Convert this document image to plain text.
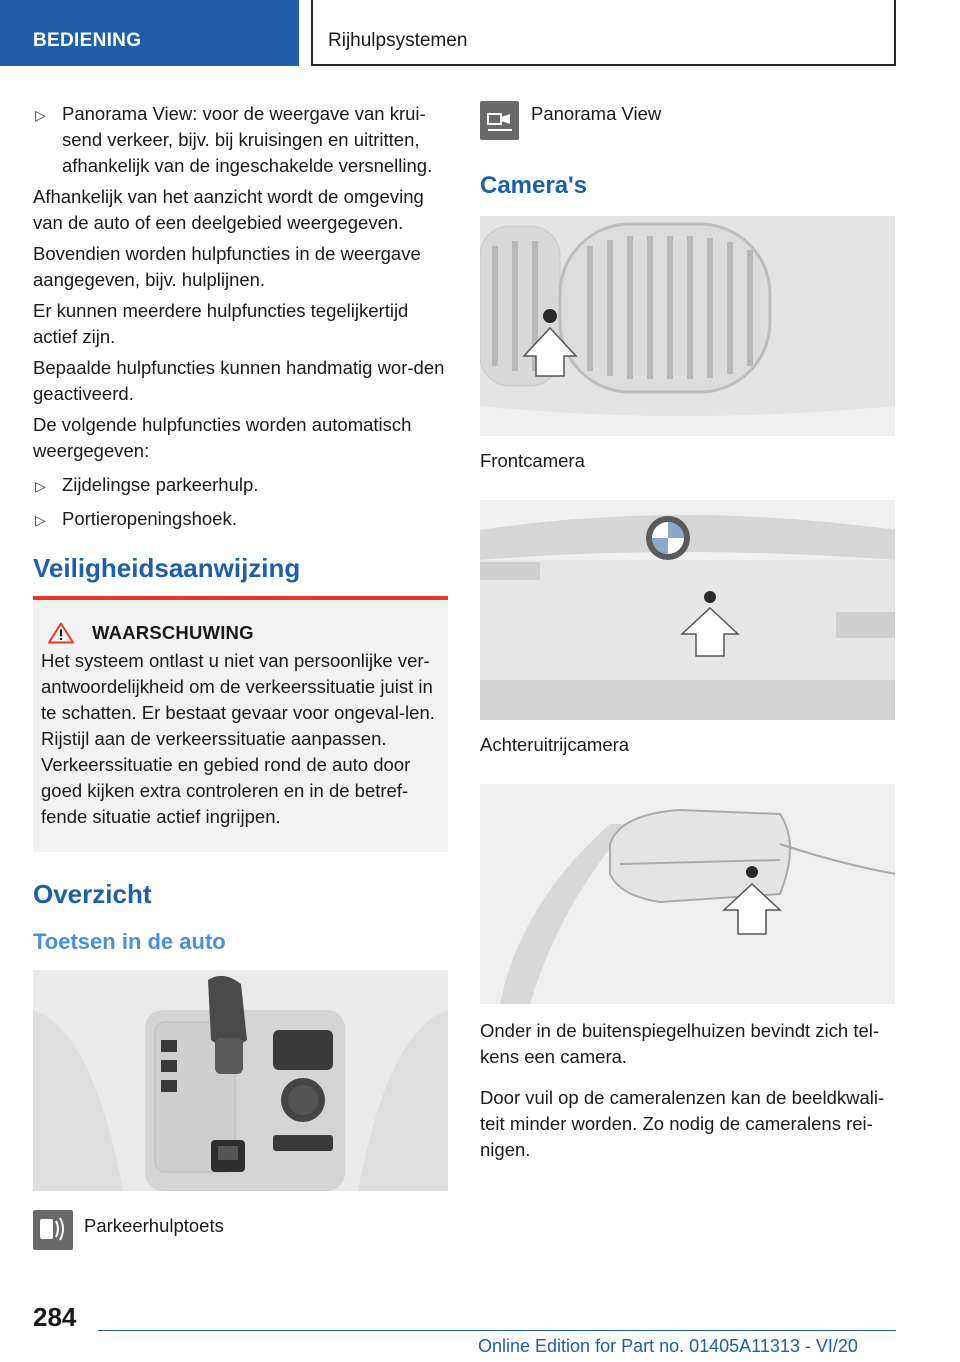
BEDIENING	Rijhulpsystemen
▷ Panorama View: voor de weergave van krui-send verkeer, bijv. bij kruisingen en uitritten, afhankelijk van de ingeschakelde versnelling.

Afhankelijk van het aanzicht wordt de omgeving van de auto of een deelgebied weergegeven.

Bovendien worden hulpfuncties in de weergave aangegeven, bijv. hulplijnen.

Er kunnen meerdere hulpfuncties tegelijkertijd actief zijn.

Bepaalde hulpfuncties kunnen handmatig wor-den geactiveerd.

De volgende hulpfuncties worden automatisch weergegeven:

▷ Zijdelingse parkeerhulp.
▷ Portieropeningshoek.
Veiligheidsaanwijzing
WAARSCHUWING

Het systeem ontlast u niet van persoonlijke ver-antwoordelijkheid om de verkeerssituatie juist in te schatten. Er bestaat gevaar voor ongeval-len. Rijstijl aan de verkeerssituatie aanpassen. Verkeerssituatie en gebied rond de auto door goed kijken extra controleren en in de betref-fende situatie actief ingrijpen.

Overzicht
Toetsen in de auto
Parkeerhulptoets
Panorama View
Camera's

Frontcamera

Achteruitrijcamera

Onder in de buitenspiegelhuizen bevindt zich tel-kens een camera.

Door vuil op de cameralenzen kan de beeldkwali-teit minder worden. Zo nodig de cameralens rei-nigen.

284
Online Edition for Part no. 01405A11313 - VI/20
